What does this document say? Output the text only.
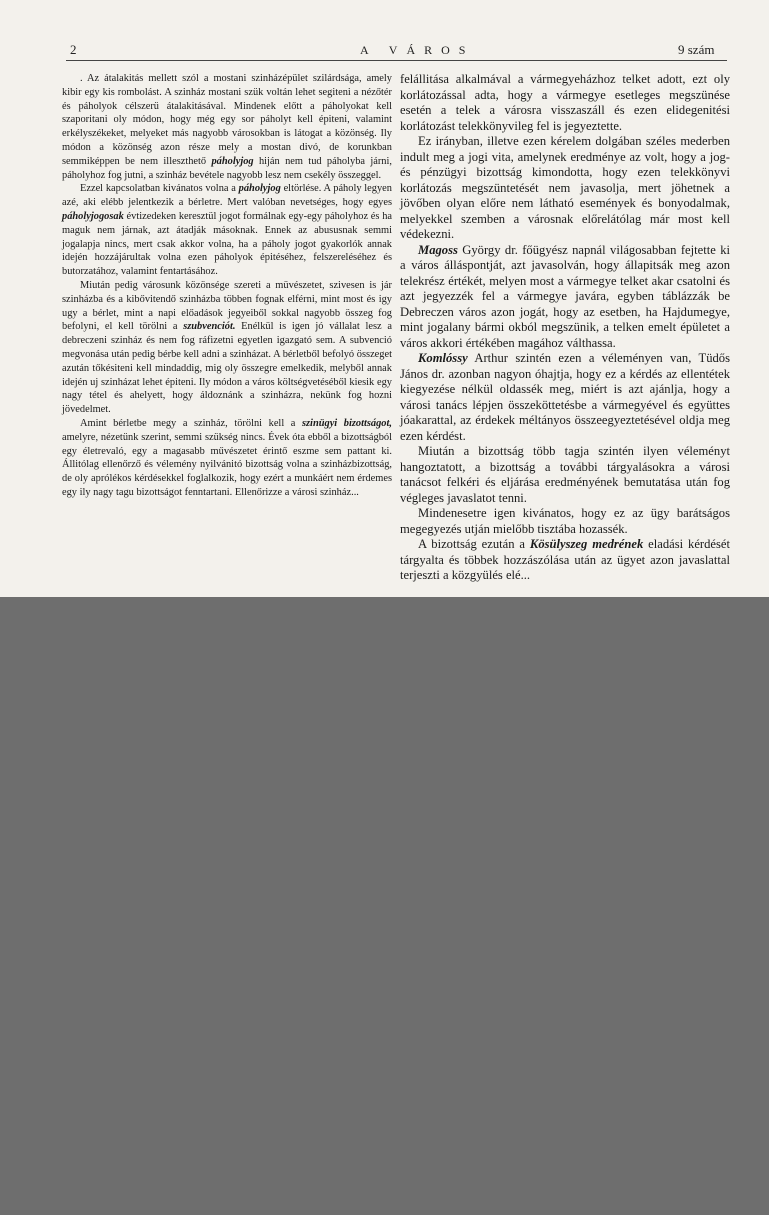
2	A VÁROS	9 szám

. Az átalakitás mellett szól a mostani szinházépület szilárdsága, amely kibir egy kis rombolást. A szinház mostani szük voltán lehet segiteni a nézőtér és páholyok célszerü átalakitásával. Mindenek előtt a páholyokat kell szaporitani oly módon, hogy még egy sor páholyt kell épiteni, valamint erkélyszékeket, melyeket más nagyobb városokban is látogat a közönség. Ily módon a közönség azon része mely a mostan divó, de korunkban semmiképpen be nem illeszthető páholyjog hiján nem tud páholyba járni, páholyhoz fog jutni, a szinház bevétele nagyobb lesz nem csekély összeggel.

Ezzel kapcsolatban kivánatos volna a páholyjog eltörlése. A páholy legyen azé, aki elébb jelentkezik a bérletre. Mert valóban nevetséges, hogy egyes páholyjogosak évtizedeken keresztül jogot formálnak egy-egy páholyhoz és ha maguk nem járnak, azt átadják másoknak. Ennek az abususnak semmi jogalapja nincs, mert csak akkor volna, ha a páholy jogot gyakorlók annak idején hozzájárultak volna ezen páholyok épitéséhez, felszereléséhez és butorzatához, valamint fentartásához.

Miután pedig városunk közönsége szereti a müvészetet, szivesen is jár szinházba és a kibővitendő szinházba többen fognak elférni, mint most és igy ugy a bérlet, mint a napi előadások jegyeiből sokkal nagyobb összeg fog befolyni, el kell törölni a szubvenciót. Enélkül is igen jó vállalat lesz a debreczeni szinház és nem fog ráfizetni egyetlen igazgató sem. A subvenció megvonása után pedig bérbe kell adni a szinházat. A bérletből befolyó összeget azután tőkésiteni kell mindaddig, mig oly összegre emelkedik, melyből annak idején uj szinházat lehet épiteni. Ily módon a város költségvetéséből kiesik egy nagy tétel és ahelyett, hogy áldoznánk a szinházra, nekünk fog hozni jövedelmet.

Amint bérletbe megy a szinház, törölni kell a szinügyi bizottságot, amelyre, nézetünk szerint, semmi szükség nincs. Évek óta ebből a bizottságból egy életrevaló, egy a magasabb művészetet érintő eszme sem pattant ki. Állitólag ellenőrző és vélemény nyilvánitó bizottság volna a szinházbizottság, de oly aprólékos kérdésekkel foglalkozik, hogy ezért a munkáért nem érdemes egy ily nagy tagu bizottságot fenntartani. Ellenőrizze a városi szinház...

felállitása alkalmával a vármegyeházhoz telket adott, ezt oly korlátozással adta, hogy a vármegye esetleges megszünése esetén a telek a városra visszaszáll és ezen elidegenitési korlátozást telekkönyvileg fel is jegyeztette.

Ez irányban, illetve ezen kérelem dolgában széles mederben indult meg a jogi vita, amelynek eredménye az volt, hogy a jog- és pénzügyi bizottság kimondotta, hogy ezen telekkönyvi korlátozás megszüntetését nem javasolja, mert jöhetnek a jövőben olyan előre nem látható események és bonyodalmak, melyekkel szemben a városnak előrelátólag már most kell védekezni.

Magoss György dr. főügyész napnál világosabban fejtette ki a város álláspontját, azt javasolván, hogy állapitsák meg azon telekrész értékét, melyen most a vármegye telket akar csatolni és azt jegyezzék fel a vármegye javára, egyben táblázzák be Debreczen város azon jogát, hogy az esetben, ha Hajdumegye, mint jogalany bármi okból megszünik, a telken emelt épületet a város akkori értékében magához válthassa.

Komlóssy Arthur szintén ezen a véleményen van, Tüdős János dr. azonban nagyon óhajtja, hogy ez a kérdés az ellentétek kiegyezése nélkül oldassék meg, miért is azt ajánlja, hogy a városi tanács lépjen összeköttetésbe a vármegyével és együttes jóakarattal, az érdekek méltányos összeegyeztetésével oldja meg ezen kérdést.

Miután a bizottság több tagja szintén ilyen véleményt hangoztatott, a bizottság a további tárgyalásokra a városi tanácsot felkéri és eljárása eredményének bemutatása után fog végleges javaslatot tenni.

Mindenesetre igen kivánatos, hogy ez az ügy barátságos megegyezés utján mielőbb tisztába hozassék.

A bizottság ezután a Kösülyszeg medrének eladási kérdését tárgyalta és többek hozzászólása után az ügyet azon javaslattal terjeszti a közgyülés elé...
